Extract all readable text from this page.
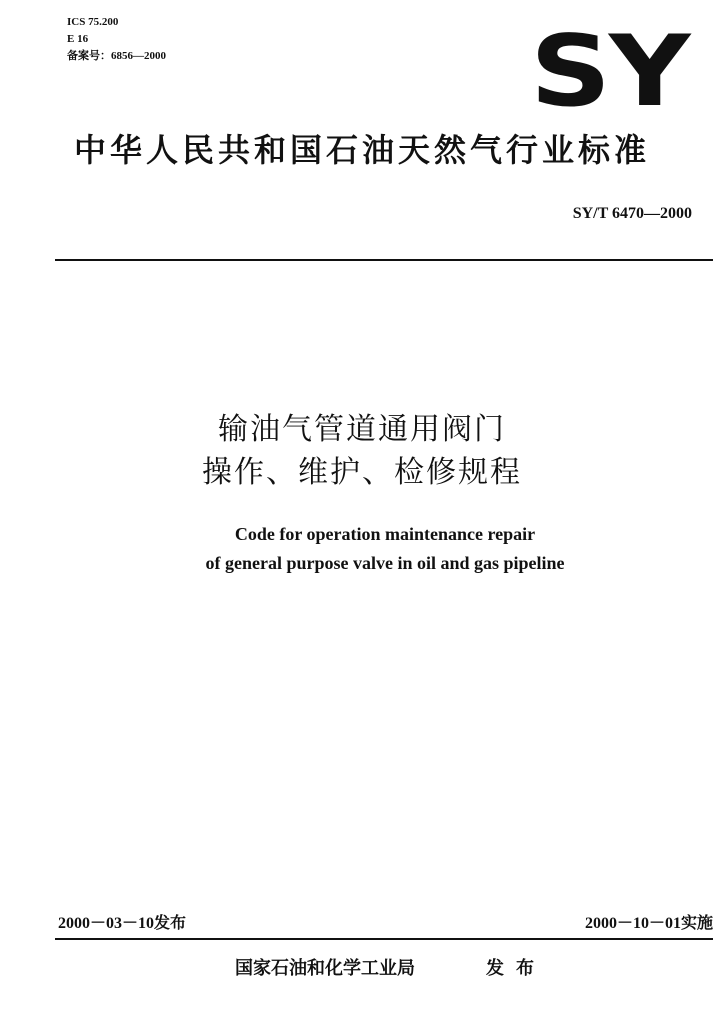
ICS 75.200
E 16
备案号：6856—2000	SY
中华人民共和国石油天然气行业标准
SY/T 6470—2000
输油气管道通用阀门
操作、维护、检修规程
Code for operation maintenance repair
of general purpose valve in oil and gas pipeline
2000－03－10发布	2000－10－01实施
国家石油和化学工业局	发布
